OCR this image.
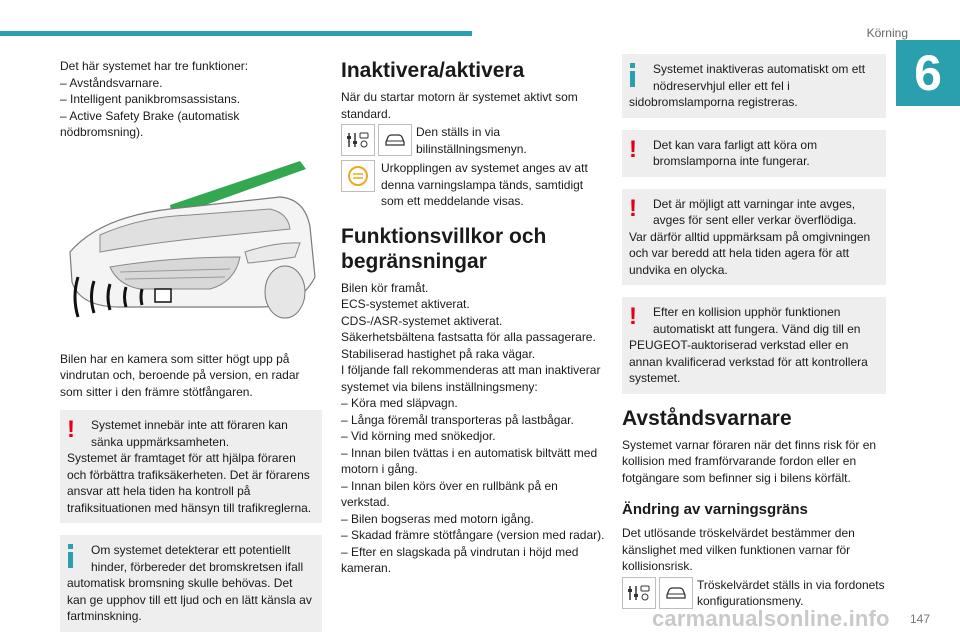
Körning
6

Det här systemet har tre funktioner:

– Avståndsvarnare.

– Intelligent panikbromsassistans.

– Active Safety Brake (automatisk nödbromsning).

Bilen har en kamera som sitter högt upp på vindrutan och, beroende på version, en radar som sitter i den främre stötfångaren.

!	Systemet innebär inte att föraren kan sänka uppmärksamheten.
Systemet är framtaget för att hjälpa föraren och förbättra trafiksäkerheten. Det är förarens ansvar att hela tiden ha kontroll på trafiksituationen med hänsyn till trafikreglerna.
Om systemet detekterar ett potentiellt hinder, förbereder det bromskretsen ifall
automatisk bromsning skulle behövas. Det kan ge upphov till ett ljud och en lätt känsla av fartminskning.
Inaktivera/aktivera

När du startar motorn är systemet aktivt som standard.

Den ställs in via bilinställningsmenyn.

Urkopplingen av systemet anges av att denna varningslampa tänds, samtidigt som ett meddelande visas.

Funktionsvillkor och begränsningar

Bilen kör framåt.

ECS-systemet aktiverat.

CDS-/ASR-systemet aktiverat.

Säkerhetsbältena fastsatta för alla passagerare.

Stabiliserad hastighet på raka vägar.

I följande fall rekommenderas att man inaktiverar systemet via bilens inställningsmeny:

– Köra med släpvagn.

– Långa föremål transporteras på lastbågar.

– Vid körning med snökedjor.

– Innan bilen tvättas i en automatisk biltvätt med motorn i gång.

– Innan bilen körs över en rullbänk på en verkstad.

– Bilen bogseras med motorn igång.

– Skadad främre stötfångare (version med radar).

– Efter en slagskada på vindrutan i höjd med kameran.

Systemet inaktiveras automatiskt om ett nödreservhjul eller ett fel i
sidobromslamporna registreras.
!	Det kan vara farligt att köra om bromslamporna inte fungerar.
!	Det är möjligt att varningar inte avges, avges för sent eller verkar överflödiga.
Var därför alltid uppmärksam på omgivningen och var beredd att hela tiden agera för att undvika en olycka.
!	Efter en kollision upphör funktionen automatiskt att fungera. Vänd dig till en
PEUGEOT-auktoriserad verkstad eller en annan kvalificerad verkstad för att kontrollera systemet.
Avståndsvarnare

Systemet varnar föraren när det finns risk för en kollision med framförvarande fordon eller en fotgängare som befinner sig i bilens körfält.

Ändring av varningsgräns

Det utlösande tröskelvärdet bestämmer den känslighet med vilken funktionen varnar för kollisionsrisk.

Tröskelvärdet ställs in via fordonets konfigurationsmeny.

carmanualsonline.info 147
